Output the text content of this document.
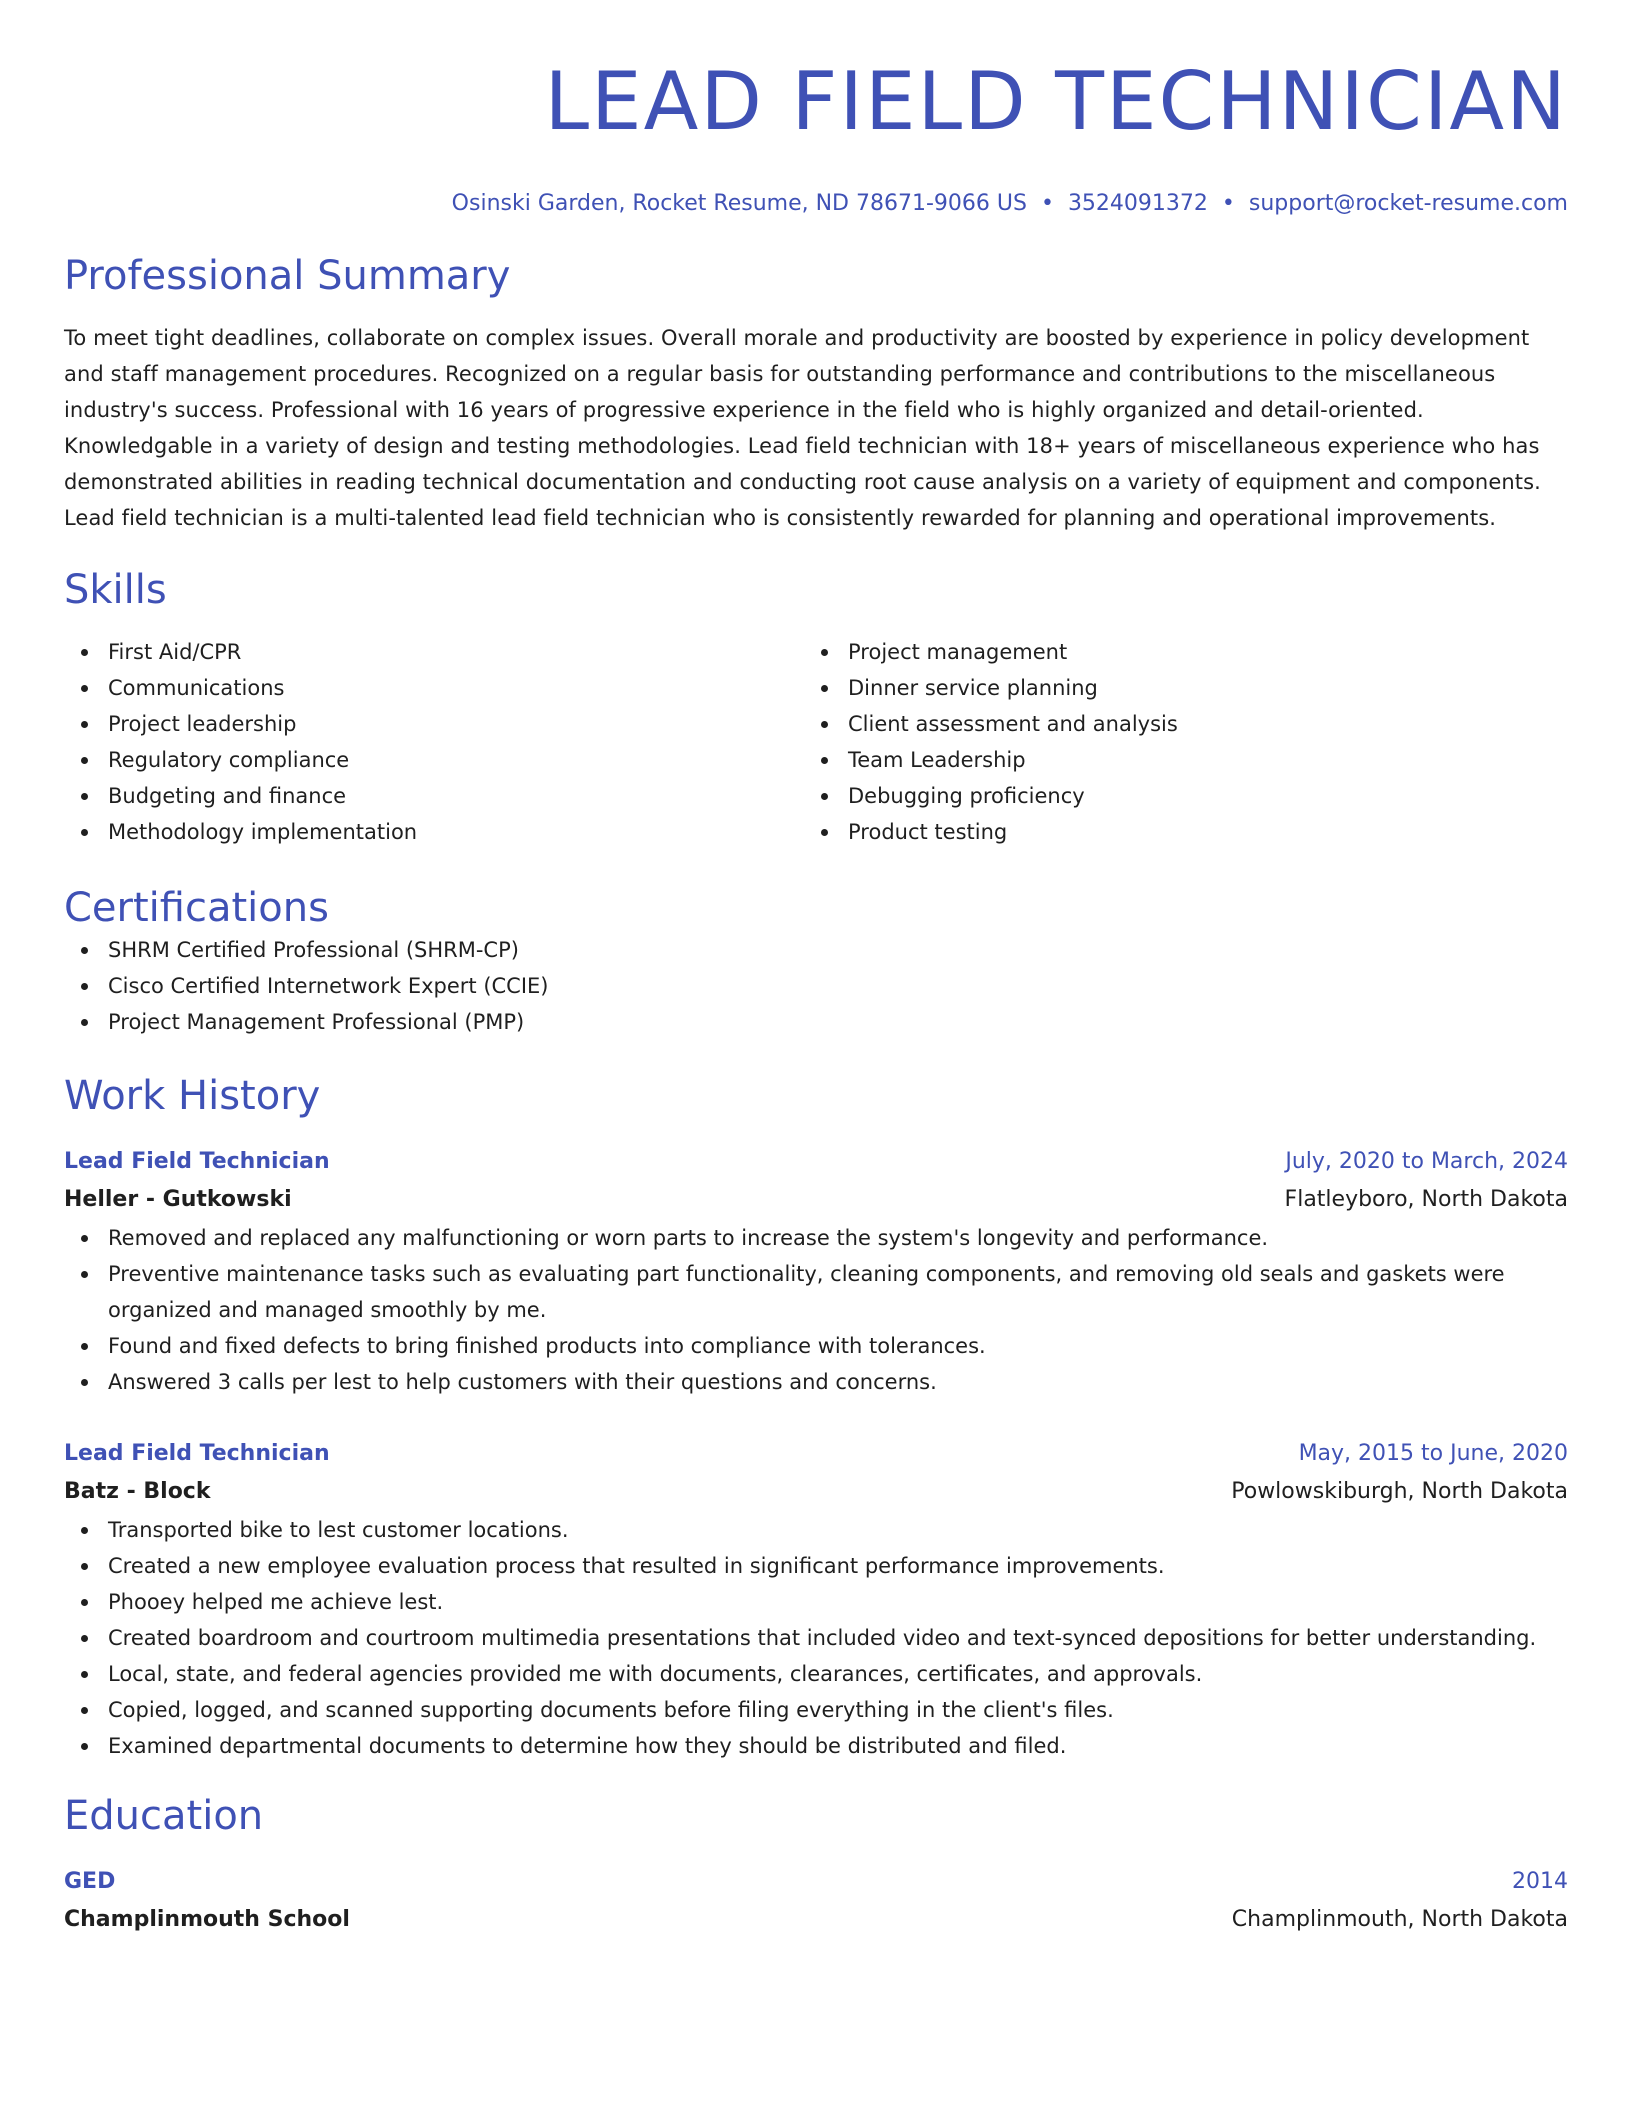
LEAD FIELD TECHNICIAN
Osinski Garden, Rocket Resume, ND 78671-9066 US • 3524091372 • support@rocket-resume.com
Professional Summary
To meet tight deadlines, collaborate on complex issues. Overall morale and productivity are boosted by experience in policy development and staff management procedures. Recognized on a regular basis for outstanding performance and contributions to the miscellaneous industry's success. Professional with 16 years of progressive experience in the field who is highly organized and detail-oriented. Knowledgable in a variety of design and testing methodologies. Lead field technician with 18+ years of miscellaneous experience who has demonstrated abilities in reading technical documentation and conducting root cause analysis on a variety of equipment and components. Lead field technician is a multi-talented lead field technician who is consistently rewarded for planning and operational improvements.
Skills
First Aid/CPR
Communications
Project leadership
Regulatory compliance
Budgeting and finance
Methodology implementation
Project management
Dinner service planning
Client assessment and analysis
Team Leadership
Debugging proficiency
Product testing
Certifications
SHRM Certified Professional (SHRM-CP)
Cisco Certified Internetwork Expert (CCIE)
Project Management Professional (PMP)
Work History
Lead Field Technician	July, 2020 to March, 2024
Heller - Gutkowski	Flatleyboro, North Dakota
Removed and replaced any malfunctioning or worn parts to increase the system's longevity and performance.
Preventive maintenance tasks such as evaluating part functionality, cleaning components, and removing old seals and gaskets were organized and managed smoothly by me.
Found and fixed defects to bring finished products into compliance with tolerances.
Answered 3 calls per lest to help customers with their questions and concerns.
Lead Field Technician	May, 2015 to June, 2020
Batz - Block	Powlowskiburgh, North Dakota
Transported bike to lest customer locations.
Created a new employee evaluation process that resulted in significant performance improvements.
Phooey helped me achieve lest.
Created boardroom and courtroom multimedia presentations that included video and text-synced depositions for better understanding.
Local, state, and federal agencies provided me with documents, clearances, certificates, and approvals.
Copied, logged, and scanned supporting documents before filing everything in the client's files.
Examined departmental documents to determine how they should be distributed and filed.
Education
GED	2014
Champlinmouth School	Champlinmouth, North Dakota
